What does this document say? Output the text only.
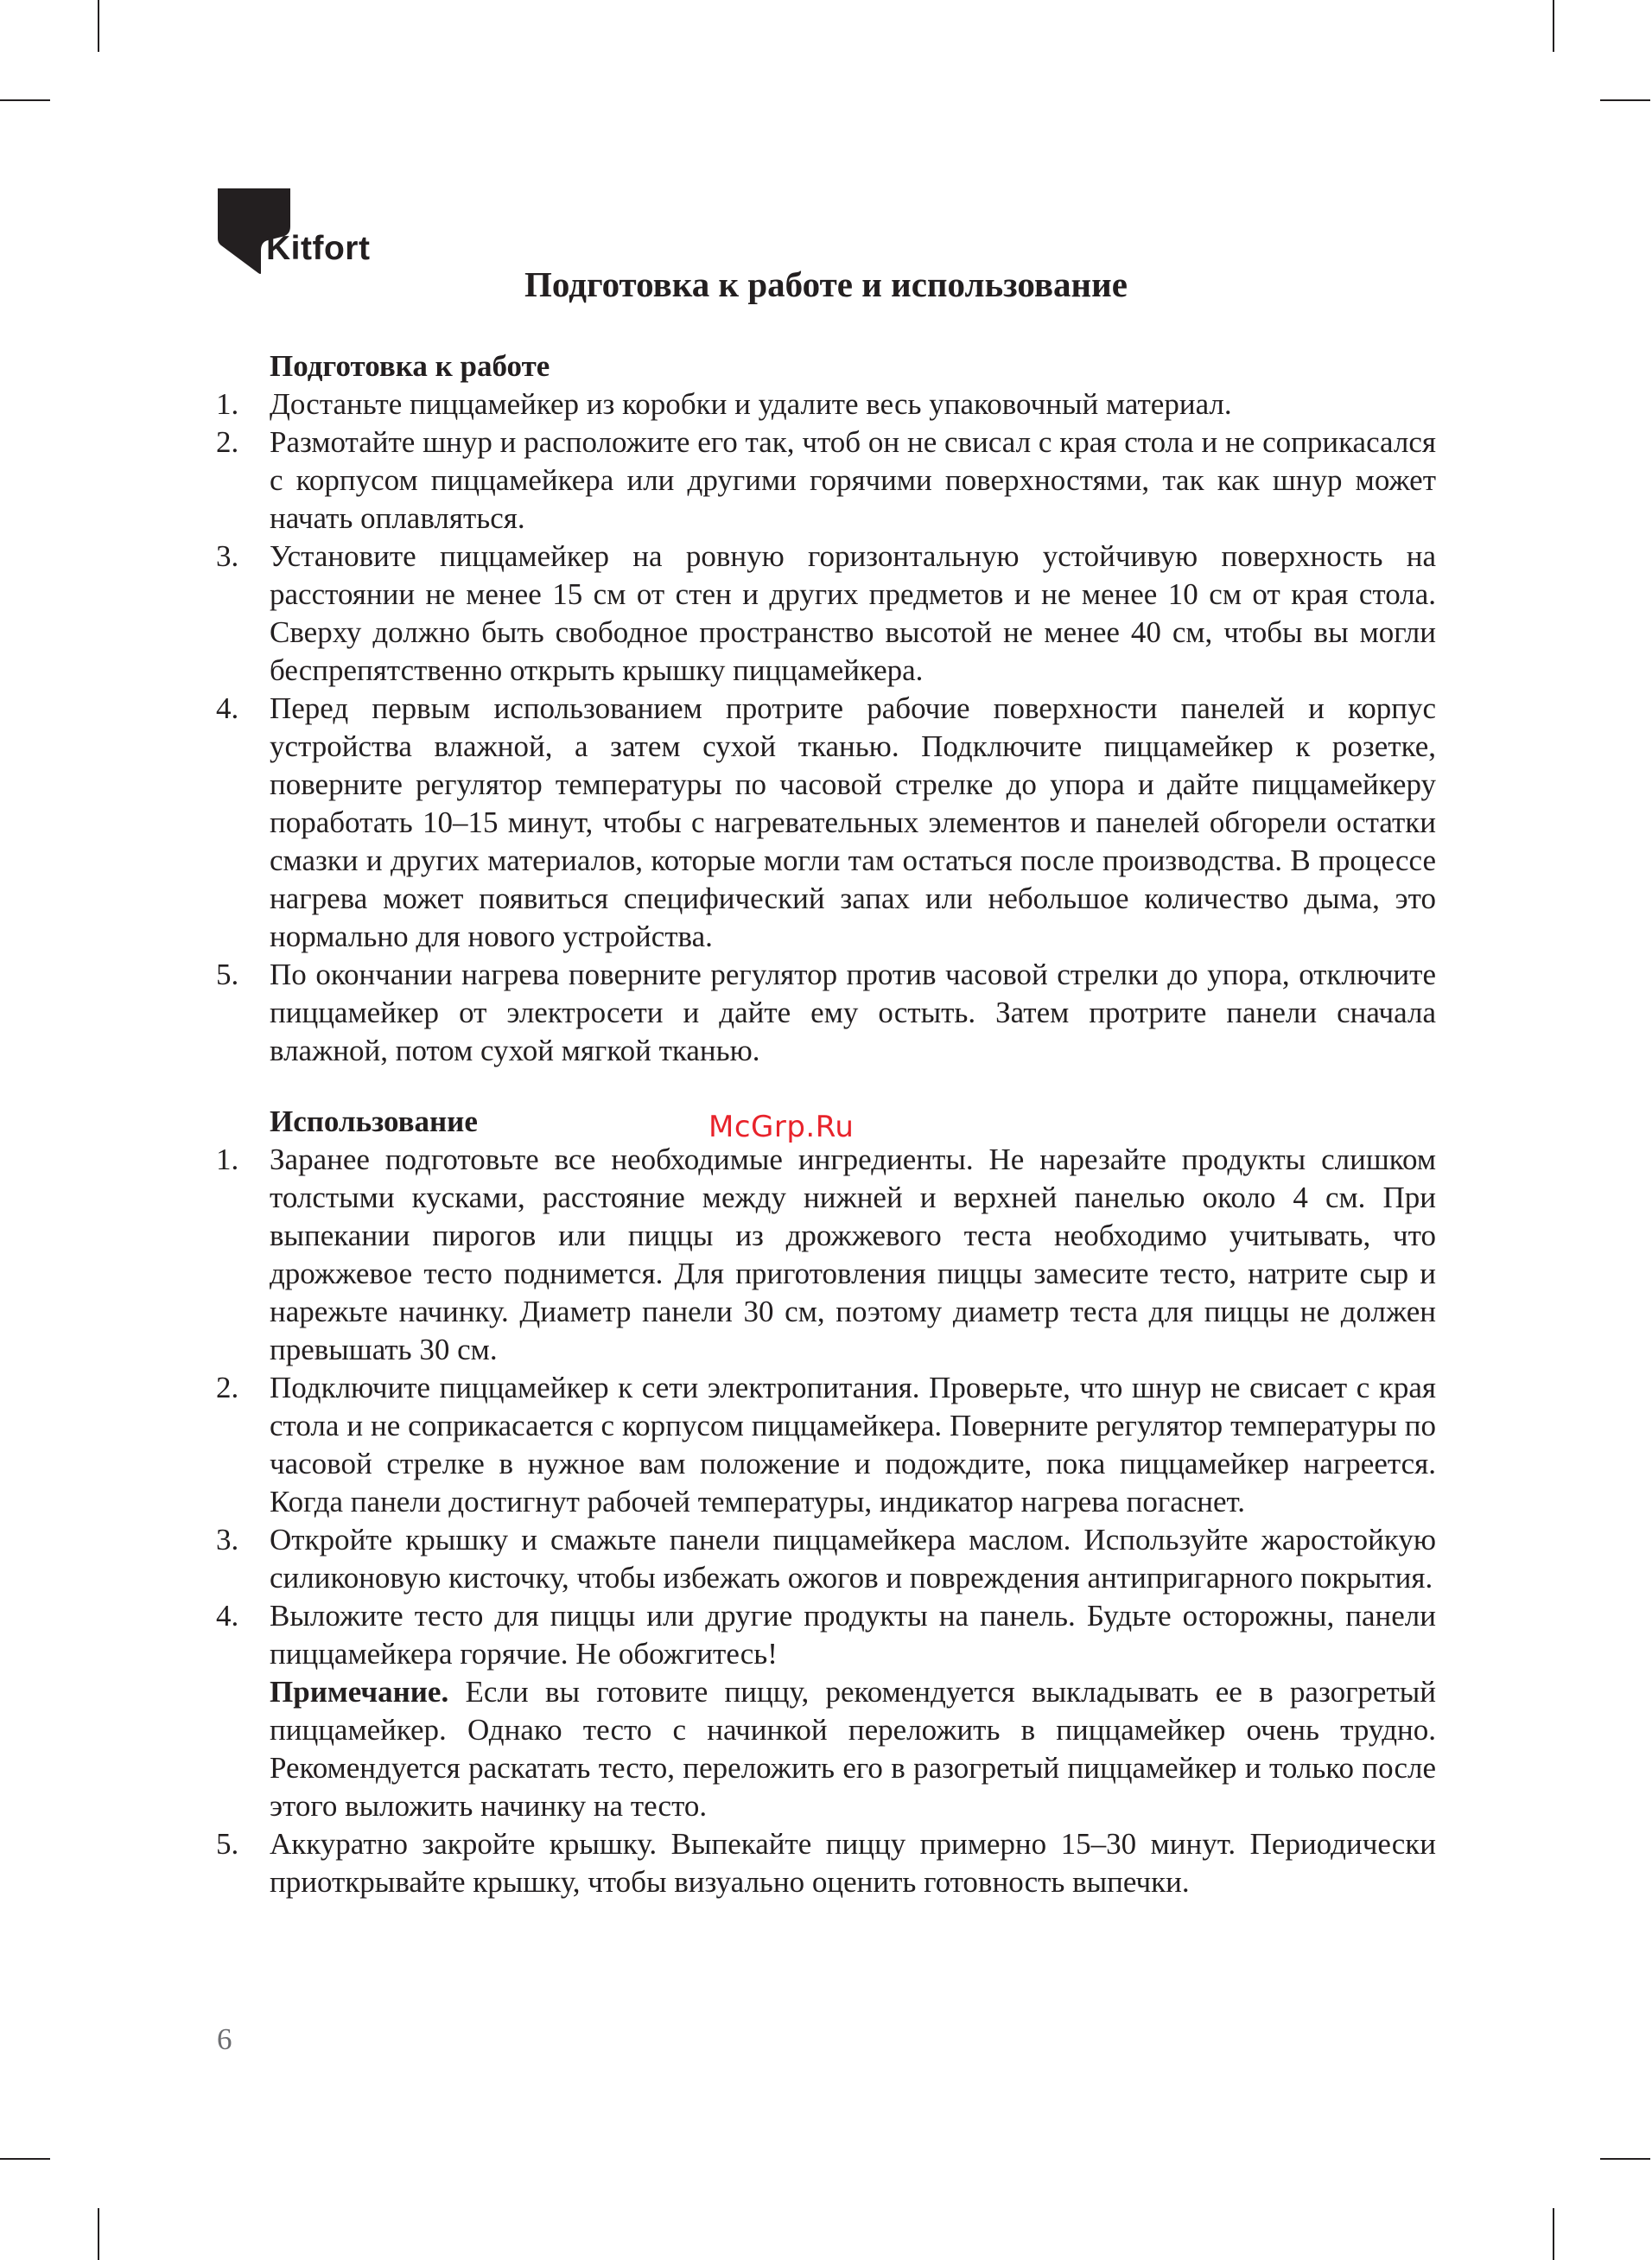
Kitfort
Подготовка к работе и использование
Подготовка к работе
1. Достаньте пиццамейкер из коробки и удалите весь упаковочный материал.
2. Размотайте шнур и расположите его так, чтоб он не свисал с края стола и не соприкасался с корпусом пиццамейкера или другими горячими поверхностями, так как шнур может начать оплавляться.
3. Установите пиццамейкер на ровную горизонтальную устойчивую поверхность на расстоянии не менее 15 см от стен и других предметов и не менее 10 см от края стола. Сверху должно быть свободное пространство высотой не менее 40 см, чтобы вы могли беспрепятственно открыть крышку пиццамейкера.
4. Перед первым использованием протрите рабочие поверхности панелей и корпус устройства влажной, а затем сухой тканью. Подключите пиццамейкер к розетке, поверните регулятор температуры по часовой стрелке до упора и дайте пиццамейкеру поработать 10–15 минут, чтобы с нагревательных элементов и панелей обгорели остатки смазки и других материалов, которые могли там остаться после производства. В процессе нагрева может появиться специфический запах или небольшое количество дыма, это нормально для нового устройства.
5. По окончании нагрева поверните регулятор против часовой стрелки до упора, отключите пиццамейкер от электросети и дайте ему остыть. Затем протрите панели сначала влажной, потом сухой мягкой тканью.
McGrp.Ru
Использование
1. Заранее подготовьте все необходимые ингредиенты. Не нарезайте продукты слишком толстыми кусками, расстояние между нижней и верхней панелью около 4 см. При выпекании пирогов или пиццы из дрожжевого теста необходимо учитывать, что дрожжевое тесто поднимется. Для приготовления пиццы замесите тесто, натрите сыр и нарежьте начинку. Диаметр панели 30 см, поэтому диаметр теста для пиццы не должен превышать 30 см.
2. Подключите пиццамейкер к сети электропитания. Проверьте, что шнур не свисает с края стола и не соприкасается с корпусом пиццамейкера. Поверните регулятор температуры по часовой стрелке в нужное вам положение и подождите, пока пиццамейкер нагреется. Когда панели достигнут рабочей температуры, индикатор нагрева погаснет.
3. Откройте крышку и смажьте панели пиццамейкера маслом. Используйте жаростойкую силиконовую кисточку, чтобы избежать ожогов и повреждения антипригарного покрытия.
4. Выложите тесто для пиццы или другие продукты на панель. Будьте осторожны, панели пиццамейкера горячие. Не обожгитесь!
Примечание. Если вы готовите пиццу, рекомендуется выкладывать ее в разогретый пиццамейкер. Однако тесто с начинкой переложить в пиццамейкер очень трудно. Рекомендуется раскатать тесто, переложить его в разогретый пиццамейкер и только после этого выложить начинку на тесто.
5. Аккуратно закройте крышку. Выпекайте пиццу примерно 15–30 минут. Периодически приоткрывайте крышку, чтобы визуально оценить готовность выпечки.
6
